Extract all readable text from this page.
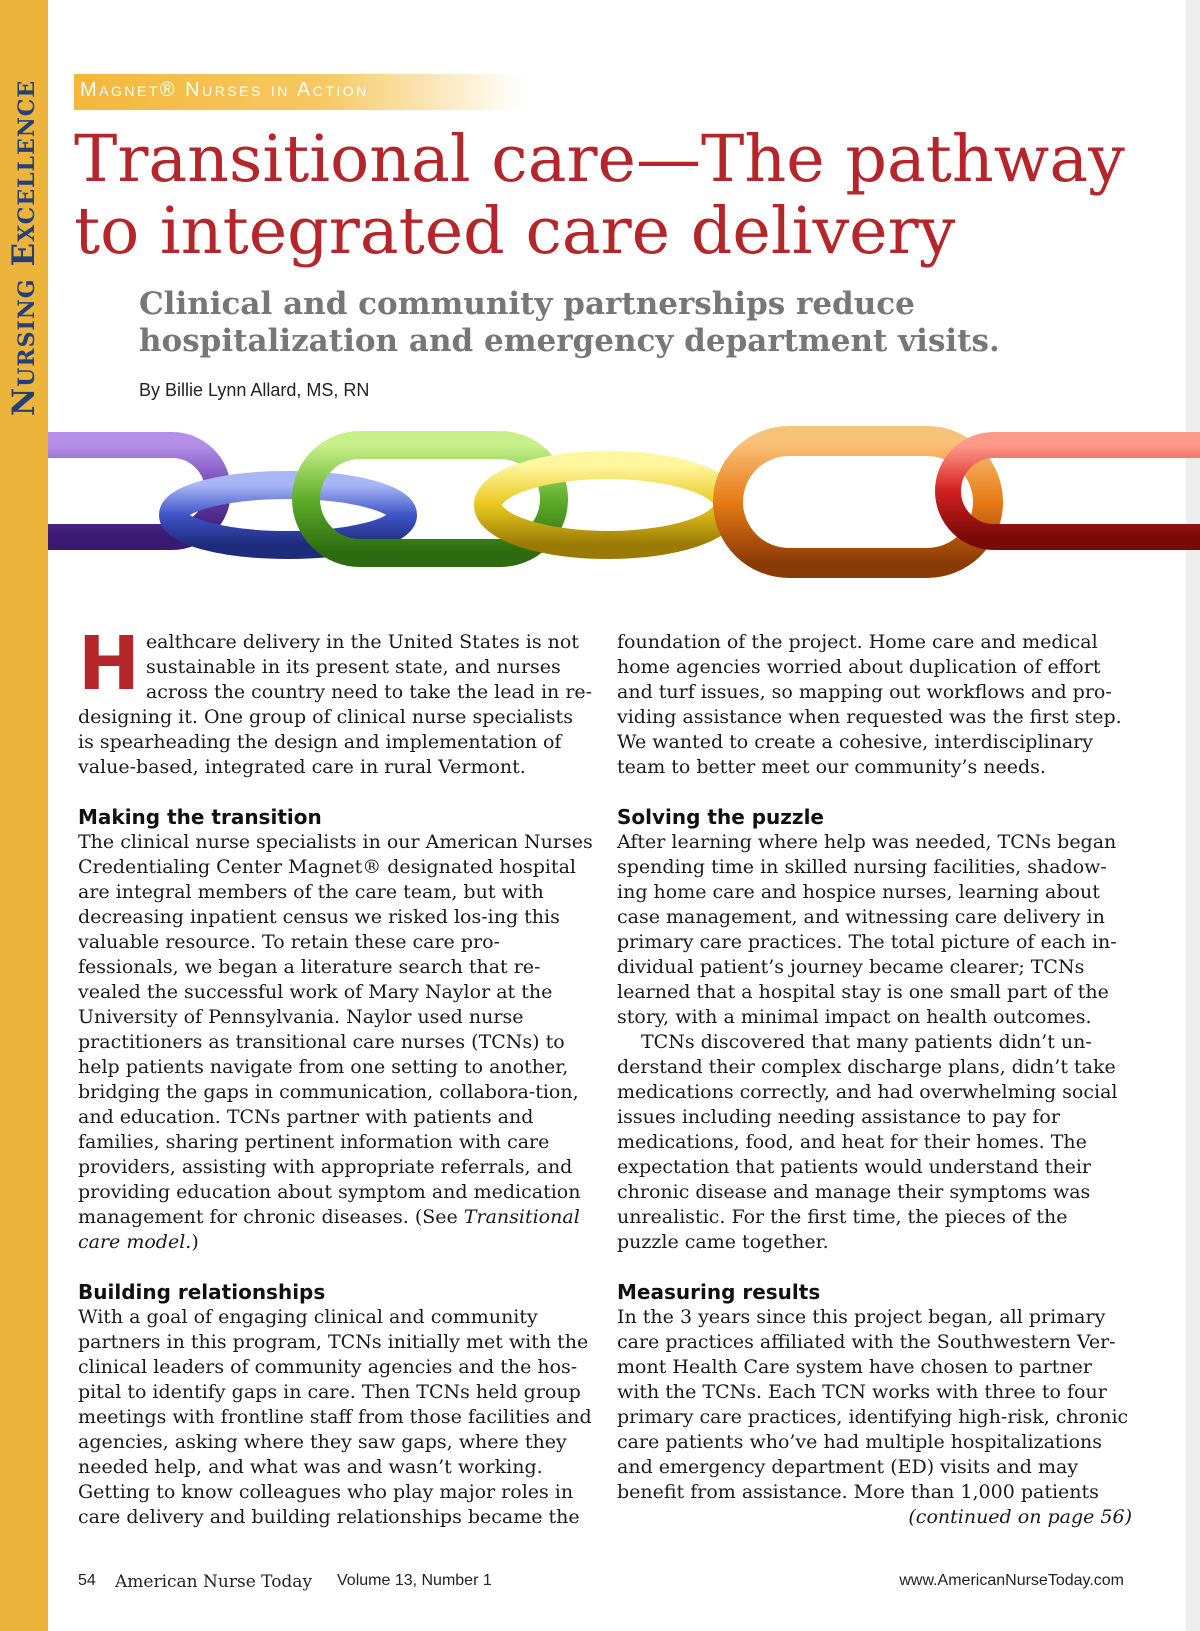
Nursing Excellence Magnet® Nurses in Action
Transitional care—The pathway to integrated care delivery

Clinical and community partnerships reduce hospitalization and emergency department visits.

By Billie Lynn Allard, MS, RN

Healthcare delivery in the United States is not sustainable in its present state, and nurses across the country need to take the lead in re-designing it. One group of clinical nurse specialists is spearheading the design and implementation of value-based, integrated care in rural Vermont.

Making the transition

The clinical nurse specialists in our American Nurses Credentialing Center Magnet® designated hospital are integral members of the care team, but with decreasing inpatient census we risked los-ing this valuable resource. To retain these care pro-fessionals, we began a literature search that re-vealed the successful work of Mary Naylor at the University of Pennsylvania. Naylor used nurse practitioners as transitional care nurses (TCNs) to help patients navigate from one setting to another, bridging the gaps in communication, collabora-tion, and education. TCNs partner with patients and families, sharing pertinent information with care providers, assisting with appropriate referrals, and providing education about symptom and medication management for chronic diseases. (See Transitional care model.)

Building relationships

With a goal of engaging clinical and community partners in this program, TCNs initially met with the clinical leaders of community agencies and the hos-pital to identify gaps in care. Then TCNs held group meetings with frontline staff from those facilities and agencies, asking where they saw gaps, where they needed help, and what was and wasn’t working. Getting to know colleagues who play major roles in care delivery and building relationships became the

foundation of the project. Home care and medical home agencies worried about duplication of effort and turf issues, so mapping out workflows and pro-viding assistance when requested was the first step. We wanted to create a cohesive, interdisciplinary team to better meet our community’s needs.

Solving the puzzle

After learning where help was needed, TCNs began spending time in skilled nursing facilities, shadow-ing home care and hospice nurses, learning about case management, and witnessing care delivery in primary care practices. The total picture of each in-dividual patient’s journey became clearer; TCNs learned that a hospital stay is one small part of the story, with a minimal impact on health outcomes.

TCNs discovered that many patients didn’t un-derstand their complex discharge plans, didn’t take medications correctly, and had overwhelming social issues including needing assistance to pay for medications, food, and heat for their homes. The expectation that patients would understand their chronic disease and manage their symptoms was unrealistic. For the first time, the pieces of the puzzle came together.

Measuring results

In the 3 years since this project began, all primary care practices affiliated with the Southwestern Ver-mont Health Care system have chosen to partner with the TCNs. Each TCN works with three to four primary care practices, identifying high-risk, chronic care patients who’ve had multiple hospitalizations and emergency department (ED) visits and may benefit from assistance. More than 1,000 patients

(continued on page 56)

54 American Nurse Today Volume 13, Number 1	www.AmericanNurseToday.com
